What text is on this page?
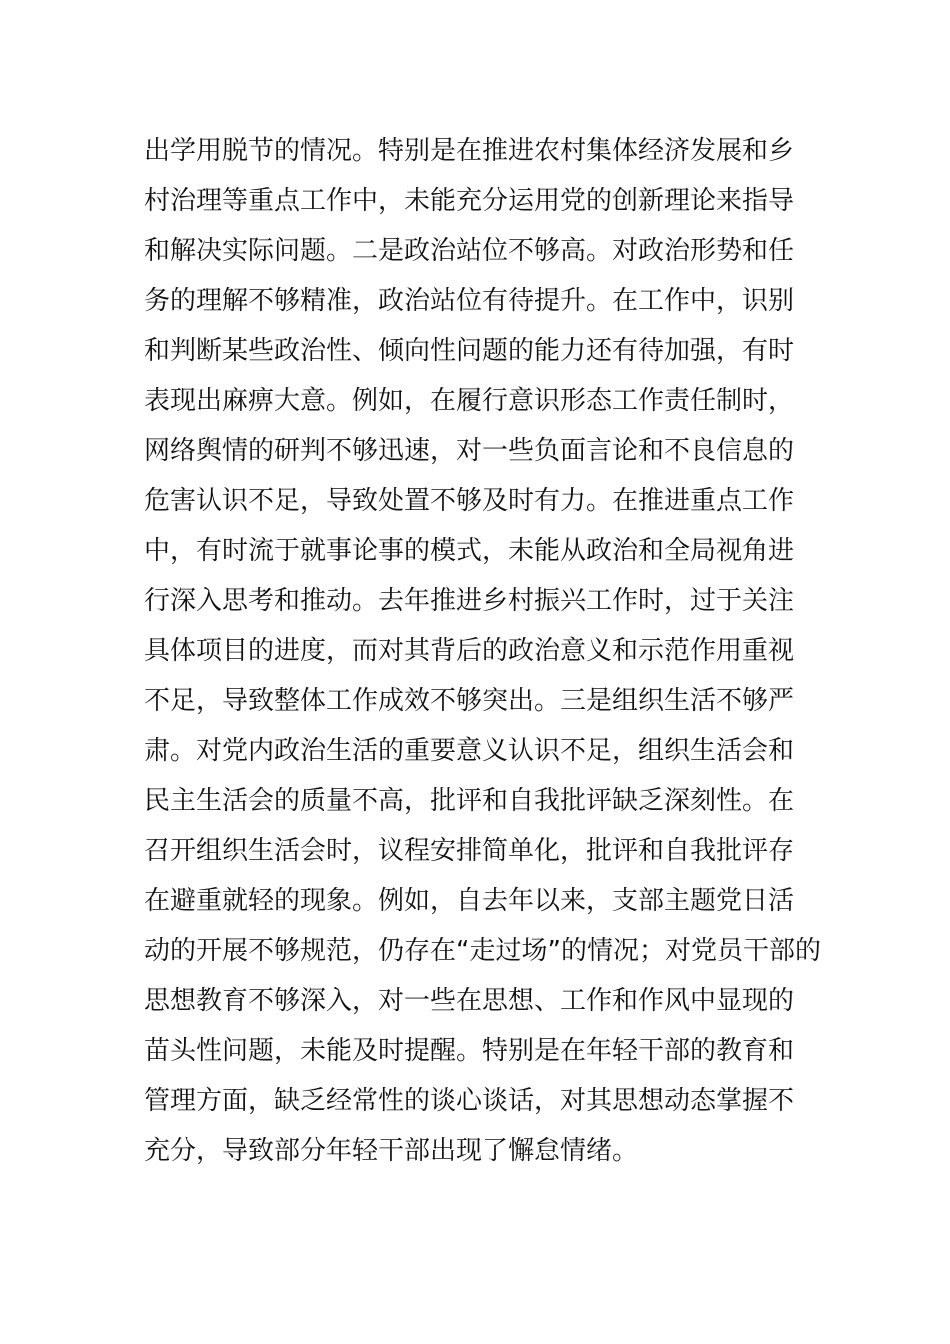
出学用脱节的情况。特别是在推进农村集体经济发展和乡
村治理等重点工作中，未能充分运用党的创新理论来指导
和解决实际问题。二是政治站位不够高。对政治形势和任
务的理解不够精准，政治站位有待提升。在工作中，识别
和判断某些政治性、倾向性问题的能力还有待加强，有时
表现出麻痹大意。例如，在履行意识形态工作责任制时，
网络舆情的研判不够迅速，对一些负面言论和不良信息的
危害认识不足，导致处置不够及时有力。在推进重点工作
中，有时流于就事论事的模式，未能从政治和全局视角进
行深入思考和推动。去年推进乡村振兴工作时，过于关注
具体项目的进度，而对其背后的政治意义和示范作用重视
不足，导致整体工作成效不够突出。三是组织生活不够严
肃。对党内政治生活的重要意义认识不足，组织生活会和
民主生活会的质量不高，批评和自我批评缺乏深刻性。在
召开组织生活会时，议程安排简单化，批评和自我批评存
在避重就轻的现象。例如，自去年以来，支部主题党日活
动的开展不够规范，仍存在“走过场”的情况；对党员干部的
思想教育不够深入，对一些在思想、工作和作风中显现的
苗头性问题，未能及时提醒。特别是在年轻干部的教育和
管理方面，缺乏经常性的谈心谈话，对其思想动态掌握不
充分，导致部分年轻干部出现了懈怠情绪。
